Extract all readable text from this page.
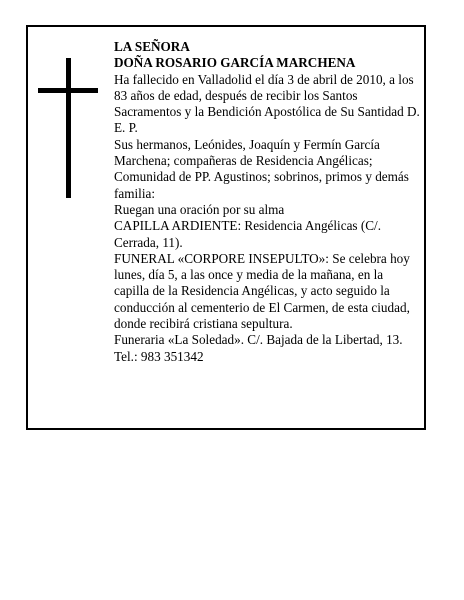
LA SEÑORA

DOÑA ROSARIO GARCÍA MARCHENA

Ha fallecido en Valladolid el día 3 de abril de 2010, a los 83 años de edad, después de recibir los Santos Sacramentos y la Bendición Apostólica de Su Santidad D. E. P.

Sus hermanos, Leónides, Joaquín y Fermín García Marchena; compañeras de Residencia Angélicas; Comunidad de PP. Agustinos; sobrinos, primos y demás familia:

Ruegan una oración por su alma

CAPILLA ARDIENTE: Residencia Angélicas (C/. Cerrada, 11).

FUNERAL «CORPORE INSEPULTO»: Se celebra hoy lunes, día 5, a las once y media de la mañana, en la capilla de la Residencia Angélicas, y acto seguido la conducción al cementerio de El Carmen, de esta ciudad, donde recibirá cristiana sepultura.

Funeraria «La Soledad». C/. Bajada de la Libertad, 13. Tel.: 983 351342
